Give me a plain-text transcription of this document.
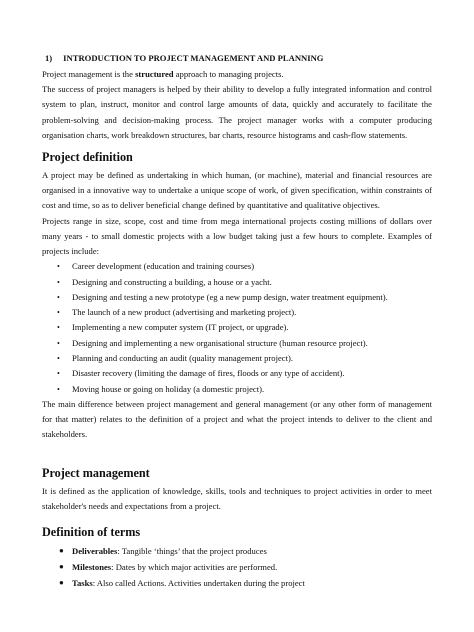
1) INTRODUCTION TO PROJECT MANAGEMENT AND PLANNING

Project management is the structured approach to managing projects.

The success of project managers is helped by their ability to develop a fully integrated information and control system to plan, instruct, monitor and control large amounts of data, quickly and accurately to facilitate the problem-solving and decision-making process. The project manager works with a computer producing organisation charts, work breakdown structures, bar charts, resource histograms and cash-flow statements.

Project definition

A project may be defined as undertaking in which human, (or machine), material and financial resources are organised in a innovative way to undertake a unique scope of work, of given specification, within constraints of cost and time, so as to deliver beneficial change defined by quantitative and qualitative objectives.

Projects range in size, scope, cost and time from mega international projects costing millions of dollars over many years - to small domestic projects with a low budget taking just a few hours to complete. Examples of projects include:

• Career development (education and training courses)
• Designing and constructing a building, a house or a yacht.
• Designing and testing a new prototype (eg a new pump design, water treatment equipment).
• The launch of a new product (advertising and marketing project).
• Implementing a new computer system (IT project, or upgrade).
• Designing and implementing a new organisational structure (human resource project).
• Planning and conducting an audit (quality management project).
• Disaster recovery (limiting the damage of fires, floods or any type of accident).
• Moving house or going on holiday (a domestic project).

The main difference between project management and general management (or any other form of management for that matter) relates to the definition of a project and what the project intends to deliver to the client and stakeholders.

Project management

It is defined as the application of knowledge, skills, tools and techniques to project activities in order to meet stakeholder's needs and expectations from a project.

Definition of terms
● Deliverables: Tangible ‘things’ that the project produces
● Milestones: Dates by which major activities are performed.
● Tasks: Also called Actions. Activities undertaken during the project
